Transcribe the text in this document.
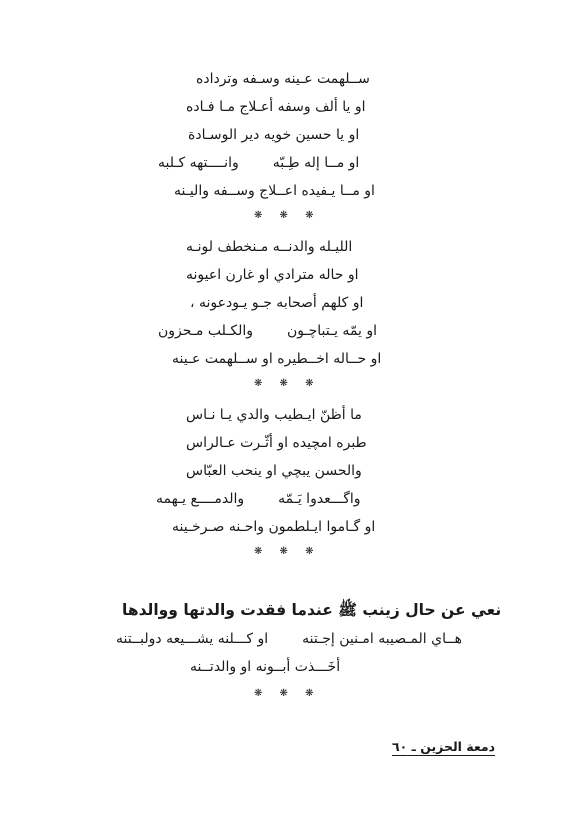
ســلهمت عـينه وسـفه وترداده
او يا ألف وسفه أعـلاج مـا فـاده
او يا حسين خويه دير الوسـادة
او مــا إله طِـبّهوانــــتهه كـلبه
او مــا يـفيده اعــلاج وســفه واليـنه
❋ ❋ ❋
الليـله والدنــه مـنخطف لونـه
او حاله مترادي او غارن اعيونه
او كلهم أصحابه جـو يـودعونه ،
او يمّه يـتباچـونوالكـلب مـحزون
او حــاله اخــطيره او ســلهمت عـينه
❋ ❋ ❋
ما أظنّ ايـطيب والدي يـا نـاس
طبره امچيده او أثّـرت عـالراس
والحسن يبچي او ينحب العبّاس
واگـــعدوا يَـمّهوالدمــــع يـهمه
او گـاموا ايـلطمون واحـنه صـرخـينه
❋ ❋ ❋
نعي عن حال زينب ﷺ عندما فقدت والدتها ووالدها
هــاي المـصيبه امـنين إجـتنهاو كـــلنه يشـــيعه دولبــتنه
أخَـــذت أبــونه او والدتــنه
❋ ❋ ❋
دمعة الحزين ـ ٦٠
